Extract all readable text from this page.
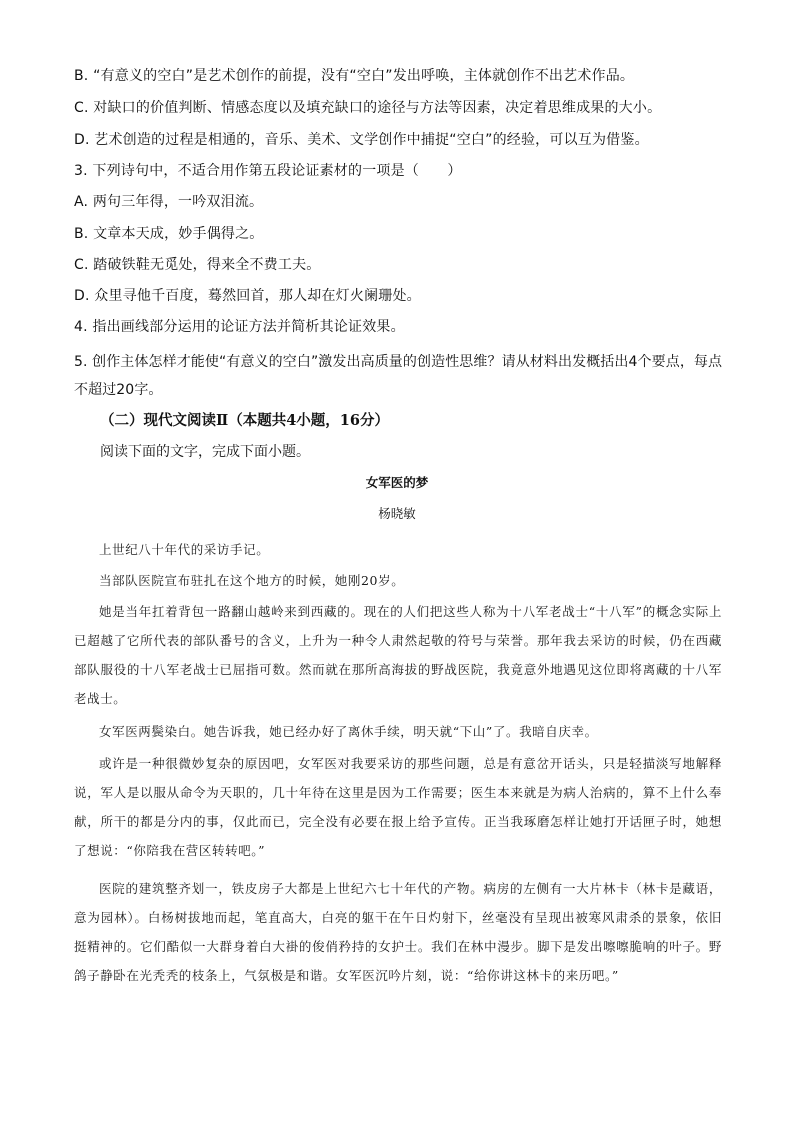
B. “有意义的空白”是艺术创作的前提，没有“空白”发出呼唤，主体就创作不出艺术作品。
C. 对缺口的价值判断、情感态度以及填充缺口的途径与方法等因素，决定着思维成果的大小。
D. 艺术创造的过程是相通的，音乐、美术、文学创作中捕捉“空白”的经验，可以互为借鉴。
3. 下列诗句中，不适合用作第五段论证素材的一项是（　　）
A. 两句三年得，一吟双泪流。
B. 文章本天成，妙手偶得之。
C. 踏破铁鞋无觅处，得来全不费工夫。
D. 众里寻他千百度，蓦然回首，那人却在灯火阑珊处。
4. 指出画线部分运用的论证方法并简析其论证效果。
5. 创作主体怎样才能使“有意义的空白”激发出高质量的创造性思维？请从材料出发概括出4个要点，每点不超过20字。
（二）现代文阅读Ⅱ（本题共4小题，16分）
阅读下面的文字，完成下面小题。
女军医的梦
杨晓敏
上世纪八十年代的采访手记。
当部队医院宣布驻扎在这个地方的时候，她刚20岁。
她是当年扛着背包一路翻山越岭来到西藏的。现在的人们把这些人称为十八军老战士“十八军”的概念实际上已超越了它所代表的部队番号的含义，上升为一种令人肃然起敬的符号与荣誉。那年我去采访的时候，仍在西藏部队服役的十八军老战士已屈指可数。然而就在那所高海拔的野战医院，我竟意外地遇见这位即将离藏的十八军老战士。
女军医两鬓染白。她告诉我，她已经办好了离休手续，明天就“下山”了。我暗自庆幸。
或许是一种很微妙复杂的原因吧，女军医对我要采访的那些问题，总是有意岔开话头，只是轻描淡写地解释说，军人是以服从命令为天职的，几十年待在这里是因为工作需要；医生本来就是为病人治病的，算不上什么奉献，所干的都是分内的事，仅此而已，完全没有必要在报上给予宣传。正当我琢磨怎样让她打开话匣子时，她想了想说：“你陪我在营区转转吧。”
医院的建筑整齐划一，铁皮房子大都是上世纪六七十年代的产物。病房的左侧有一大片林卡（林卡是藏语，意为园林）。白杨树拔地而起，笔直高大，白亮的躯干在午日灼射下，丝毫没有呈现出被寒风肃杀的景象，依旧挺精神的。它们酷似一大群身着白大褂的俊俏矜持的女护士。我们在林中漫步。脚下是发出嚓嚓脆响的叶子。野鸽子静卧在光秃秃的枝条上，气氛极是和谐。女军医沉吟片刻，说：“给你讲这林卡的来历吧。”
